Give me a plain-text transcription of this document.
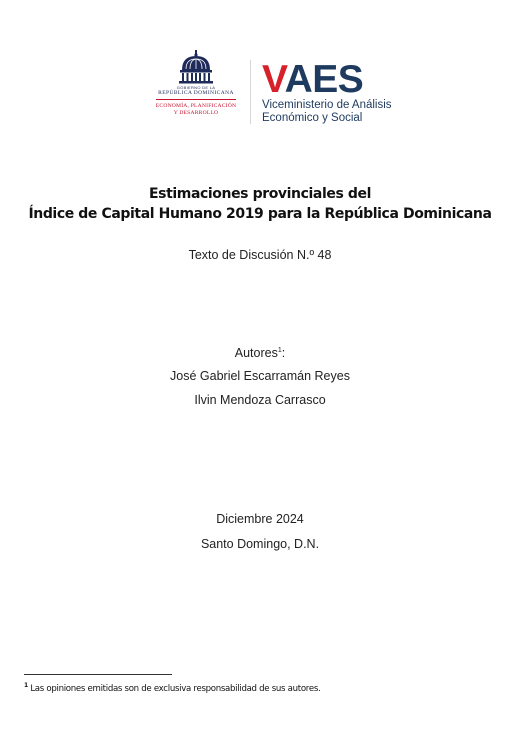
GOBIERNO DE LA
REPÚBLICA DOMINICANA
ECONOMÍA, PLANIFICACIÓN
Y DESARROLLO
VAES
Viceministerio de Análisis
Económico y Social
Estimaciones provinciales del
Índice de Capital Humano 2019 para la República Dominicana
Texto de Discusión N.º 48
Autores$^1$:
José Gabriel Escarramán Reyes
Ilvin Mendoza Carrasco
Diciembre 2024
Santo Domingo, D.N.
$^1$ Las opiniones emitidas son de exclusiva responsabilidad de sus autores.
